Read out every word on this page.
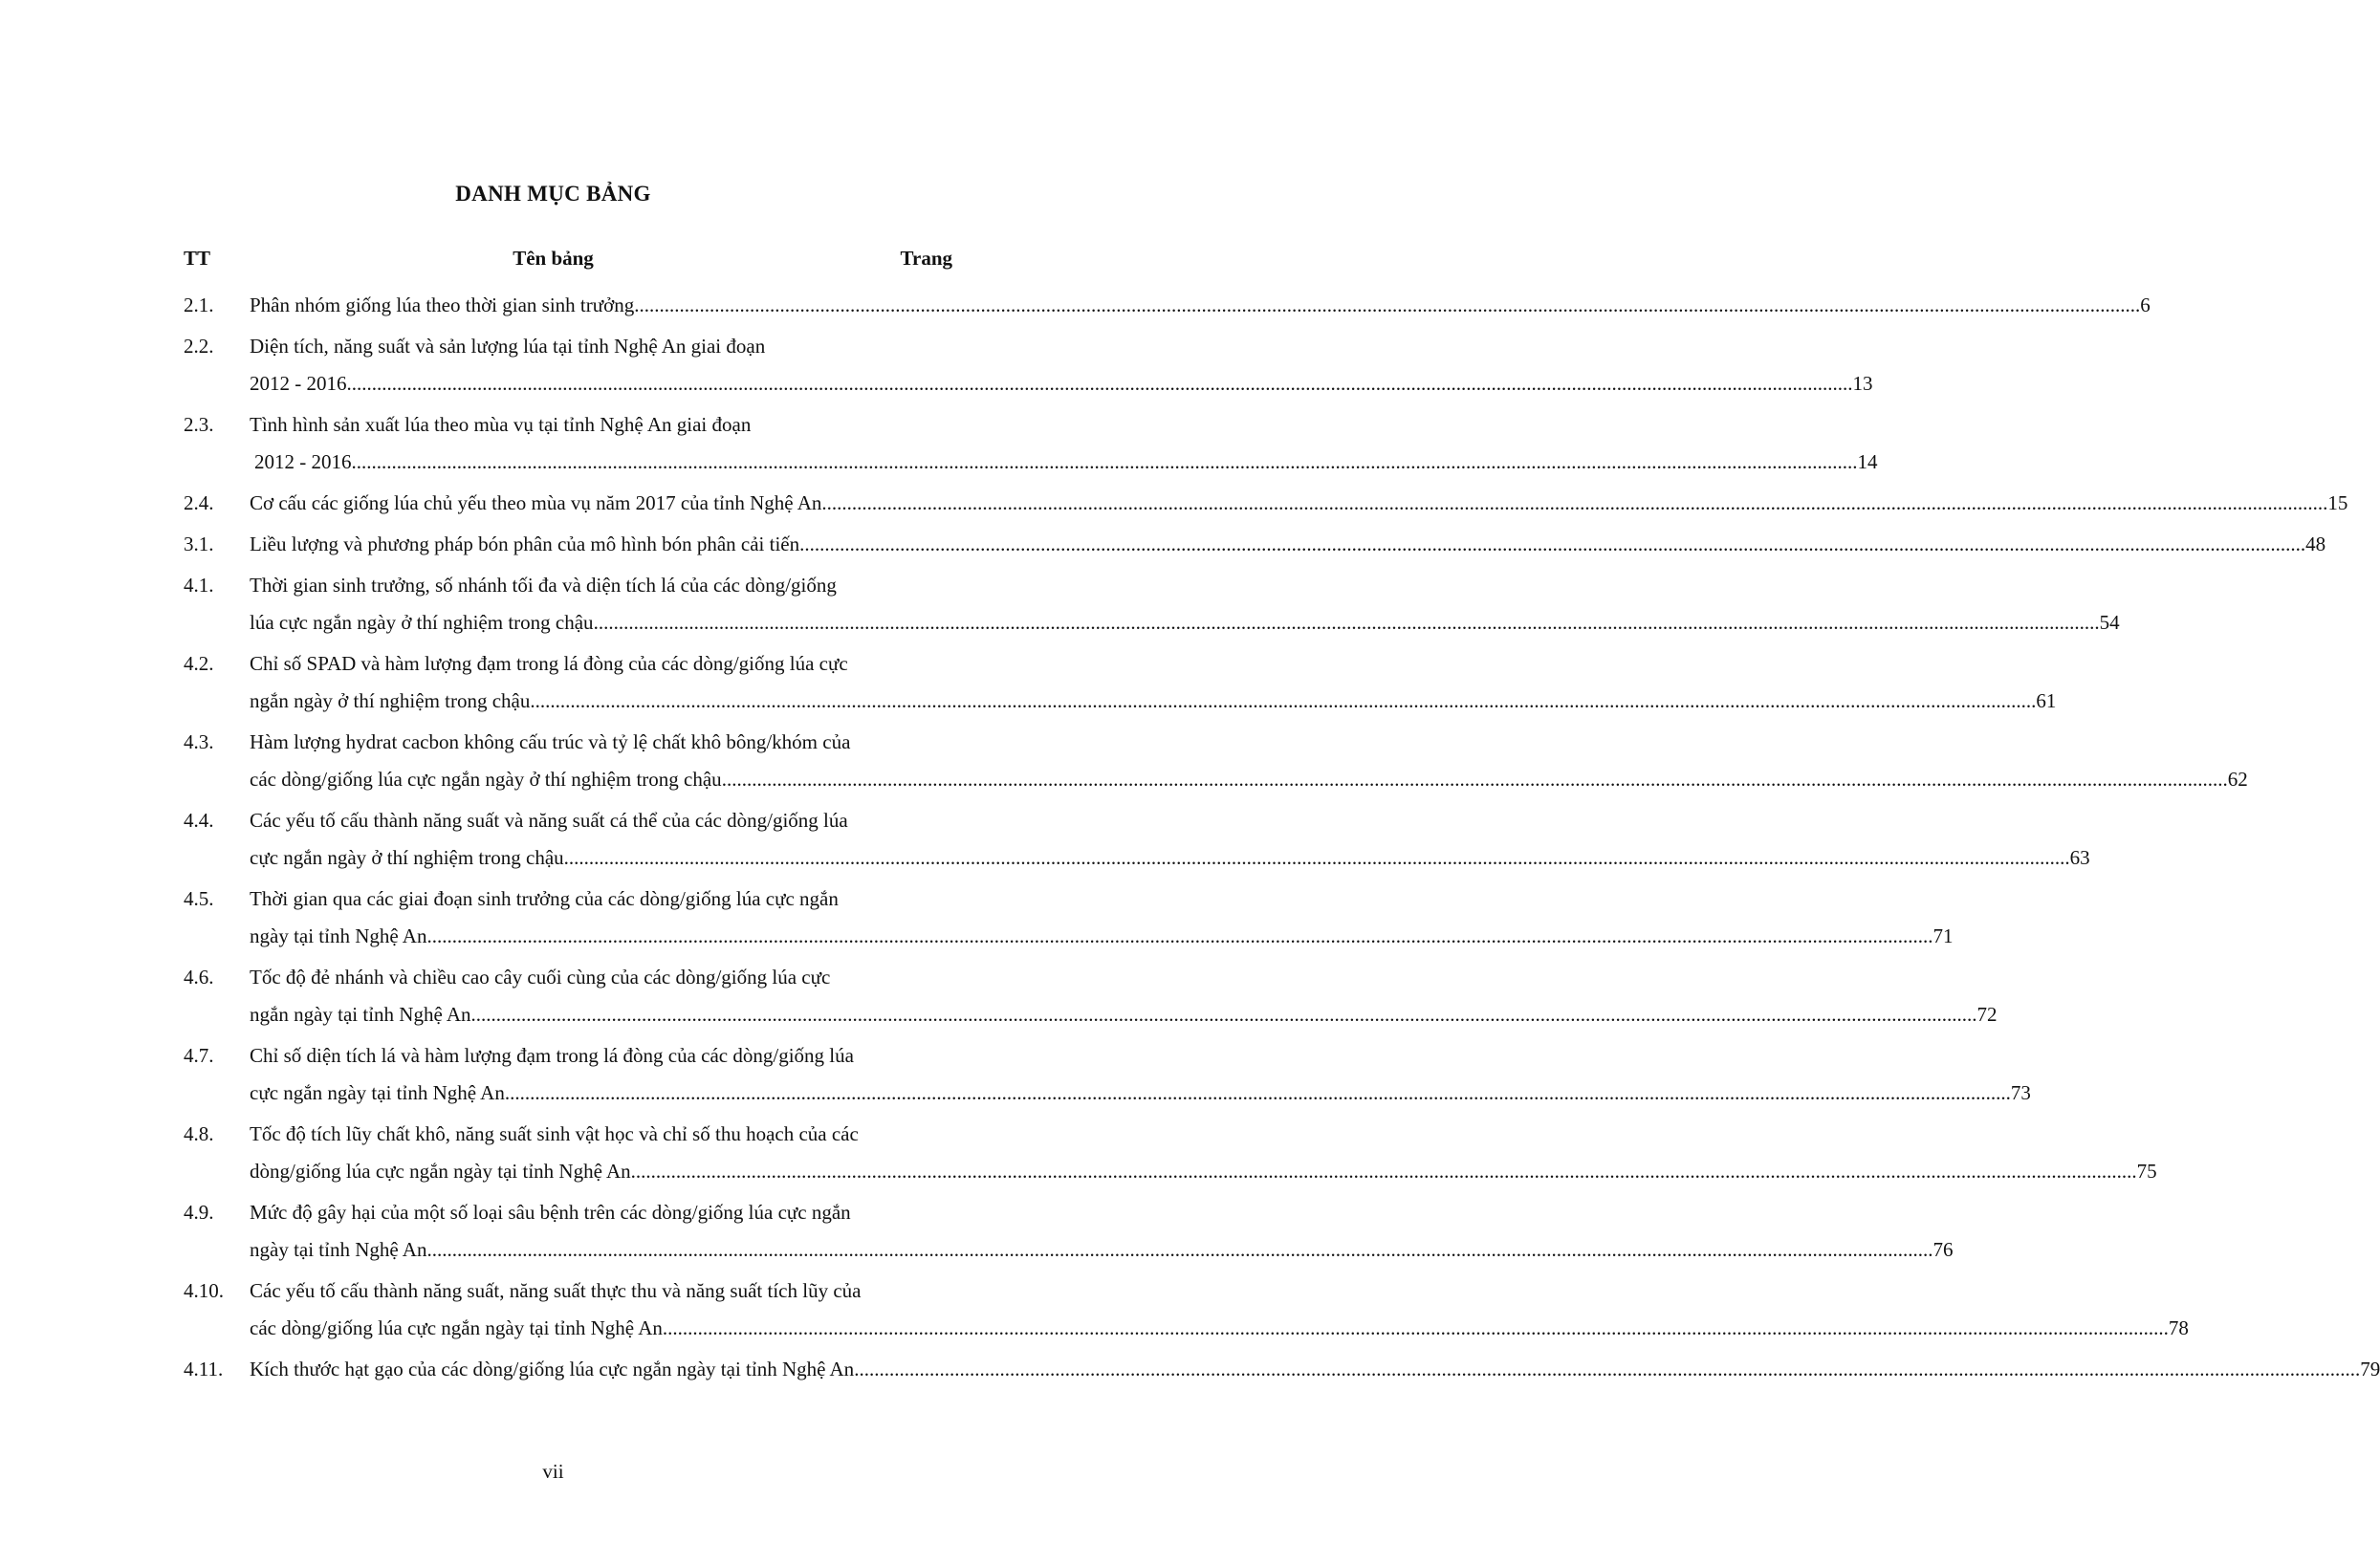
DANH MỤC BẢNG
TT	Tên bảng	Trang
2.1. Phân nhóm giống lúa theo thời gian sinh trưởng ............................................................................................................................................................................................................................................................................................................ 6
2.2. Diện tích, năng suất và sản lượng lúa tại tỉnh Nghệ An giai đoạn
2012 - 2016 ............................................................................................................................................................................................................................................................................................................ 13
2.3. Tình hình sản xuất lúa theo mùa vụ tại tỉnh Nghệ An giai đoạn
2012 - 2016 ............................................................................................................................................................................................................................................................................................................ 14
2.4. Cơ cấu các giống lúa chủ yếu theo mùa vụ năm 2017 của tỉnh Nghệ An ............................................................................................................................................................................................................................................................................................................ 15
3.1. Liều lượng và phương pháp bón phân của mô hình bón phân cải tiến ............................................................................................................................................................................................................................................................................................................ 48
4.1. Thời gian sinh trưởng, số nhánh tối đa và diện tích lá của các dòng/giống
lúa cực ngắn ngày ở thí nghiệm trong chậu ............................................................................................................................................................................................................................................................................................................ 54
4.2. Chỉ số SPAD và hàm lượng đạm trong lá đòng của các dòng/giống lúa cực
ngắn ngày ở thí nghiệm trong chậu ............................................................................................................................................................................................................................................................................................................ 61
4.3. Hàm lượng hydrat cacbon không cấu trúc và tỷ lệ chất khô bông/khóm của
các dòng/giống lúa cực ngắn ngày ở thí nghiệm trong chậu ............................................................................................................................................................................................................................................................................................................ 62
4.4. Các yếu tố cấu thành năng suất và năng suất cá thể của các dòng/giống lúa
cực ngắn ngày ở thí nghiệm trong chậu ............................................................................................................................................................................................................................................................................................................ 63
4.5. Thời gian qua các giai đoạn sinh trưởng của các dòng/giống lúa cực ngắn
ngày tại tỉnh Nghệ An ............................................................................................................................................................................................................................................................................................................ 71
4.6. Tốc độ đẻ nhánh và chiều cao cây cuối cùng của các dòng/giống lúa cực
ngắn ngày tại tỉnh Nghệ An ............................................................................................................................................................................................................................................................................................................ 72
4.7. Chỉ số diện tích lá và hàm lượng đạm trong lá đòng của các dòng/giống lúa
cực ngắn ngày tại tỉnh Nghệ An ............................................................................................................................................................................................................................................................................................................ 73
4.8. Tốc độ tích lũy chất khô, năng suất sinh vật học và chỉ số thu hoạch của các
dòng/giống lúa cực ngắn ngày tại tỉnh Nghệ An ............................................................................................................................................................................................................................................................................................................ 75
4.9. Mức độ gây hại của một số loại sâu bệnh trên các dòng/giống lúa cực ngắn
ngày tại tỉnh Nghệ An ............................................................................................................................................................................................................................................................................................................ 76
4.10. Các yếu tố cấu thành năng suất, năng suất thực thu và năng suất tích lũy của
các dòng/giống lúa cực ngắn ngày tại tỉnh Nghệ An ............................................................................................................................................................................................................................................................................................................ 78
4.11. Kích thước hạt gạo của các dòng/giống lúa cực ngắn ngày tại tỉnh Nghệ An ............................................................................................................................................................................................................................................................................................................ 79
vii
